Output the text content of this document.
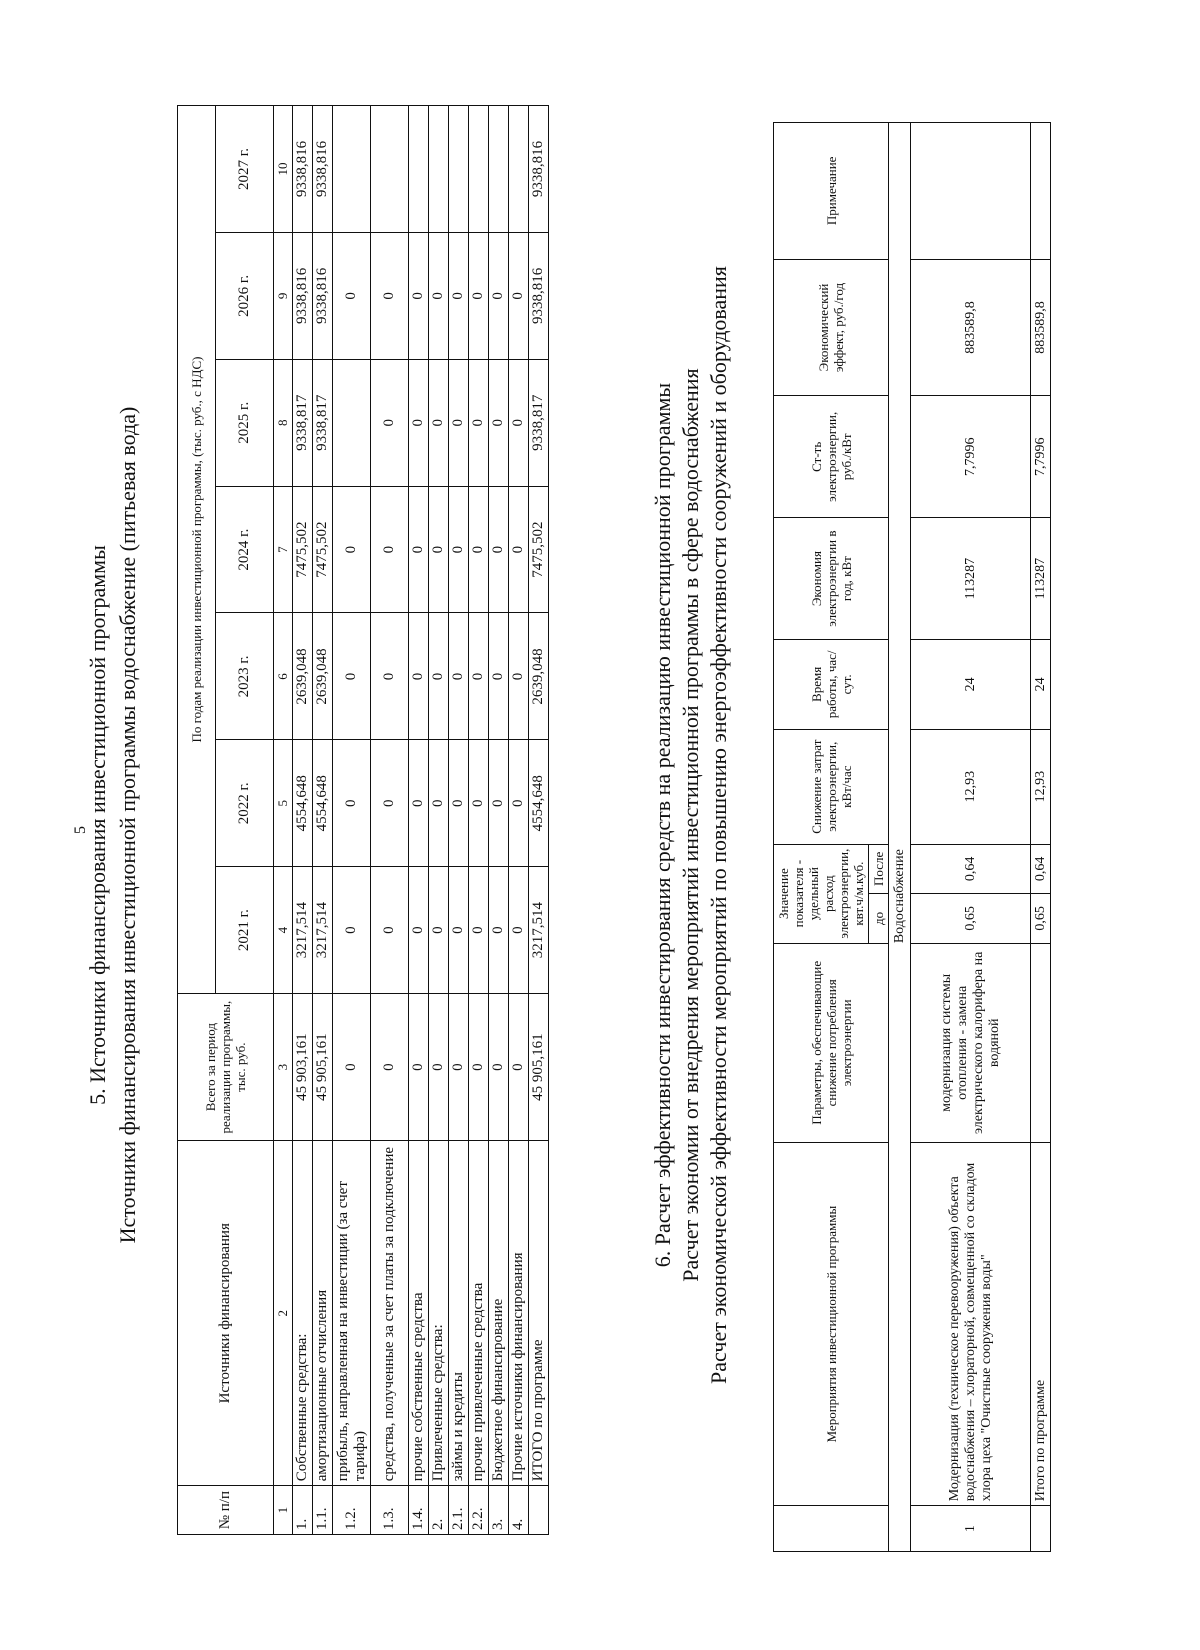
5
5. Источники финансирования инвестиционной программы Источники финансирования инвестиционной программы водоснабжение (питьевая вода)
№ п/п	Источники финансирования	Всего за период реализации программы, тыс. руб.	По годам реализации инвестиционной программы, (тыс. руб., с НДС)						
			2021 г.	2022 г.	2023 г.	2024 г.	2025 г.	2026 г.	2027 г.
1	2	3	4	5	6	7	8	9	10
1.	Собственные средства:	45 903,161	3217,514	4554,648	2639,048	7475,502	9338,817	9338,816	9338,816
1.1.	амортизационные отчисления	45 905,161	3217,514	4554,648	2639,048	7475,502	9338,817	9338,816	9338,816
1.2.	прибыль, направленная на инвестиции (за счет тарифа)	0	0	0	0	0		0	
1.3.	средства, полученные за счет платы за подключение	0	0	0	0	0	0	0	
1.4.	прочие собственные средства	0	0	0	0	0	0	0	
2.	Привлеченные средства:	0	0	0	0	0	0	0	
2.1.	займы и кредиты	0	0	0	0	0	0	0	
2.2.	прочие привлеченные средства	0	0	0	0	0	0	0	
3.	Бюджетное финансирование	0	0	0	0	0	0	0	
4.	Прочие источники финансирования	0	0	0	0	0	0	0	
	ИТОГО по программе	45 905,161	3217,514	4554,648	2639,048	7475,502	9338,817	9338,816	9338,816
6. Расчет эффективности инвестирования средств на реализацию инвестиционной программы Расчет экономии от внедрения мероприятий инвестиционной программы в сфере водоснабжения Расчет экономической эффективности мероприятий по повышению энергоэффективности сооружений и оборудования
		Мероприятия инвестиционной программы	Параметры, обеспечивающие снижение потребления электроэнергии	Значение показателя - удельный расход электроэнергии, квт.ч/м.куб.		Снижение затрат электроэнергии, кВт/час	Время работы, час/сут.	Экономия электроэнергии в год, кВт	Ст-ть электроэнергии, руб./кВт	Экономический эффект, руб./год	Примечание
			до	После						
			Водоснабжение							
1	Модернизация (техническое перевооружения) объекта водоснабжения – хлораторной, совмещенной со складом хлора цеха "Очистные сооружения воды"	модернизация системы отопления - замена электрического калорифера на водяной	0,65	0,64	12,93	24	113287	7,7996	883589,8	
	Итого по программе		0,65	0,64	12,93	24	113287	7,7996	883589,8	
